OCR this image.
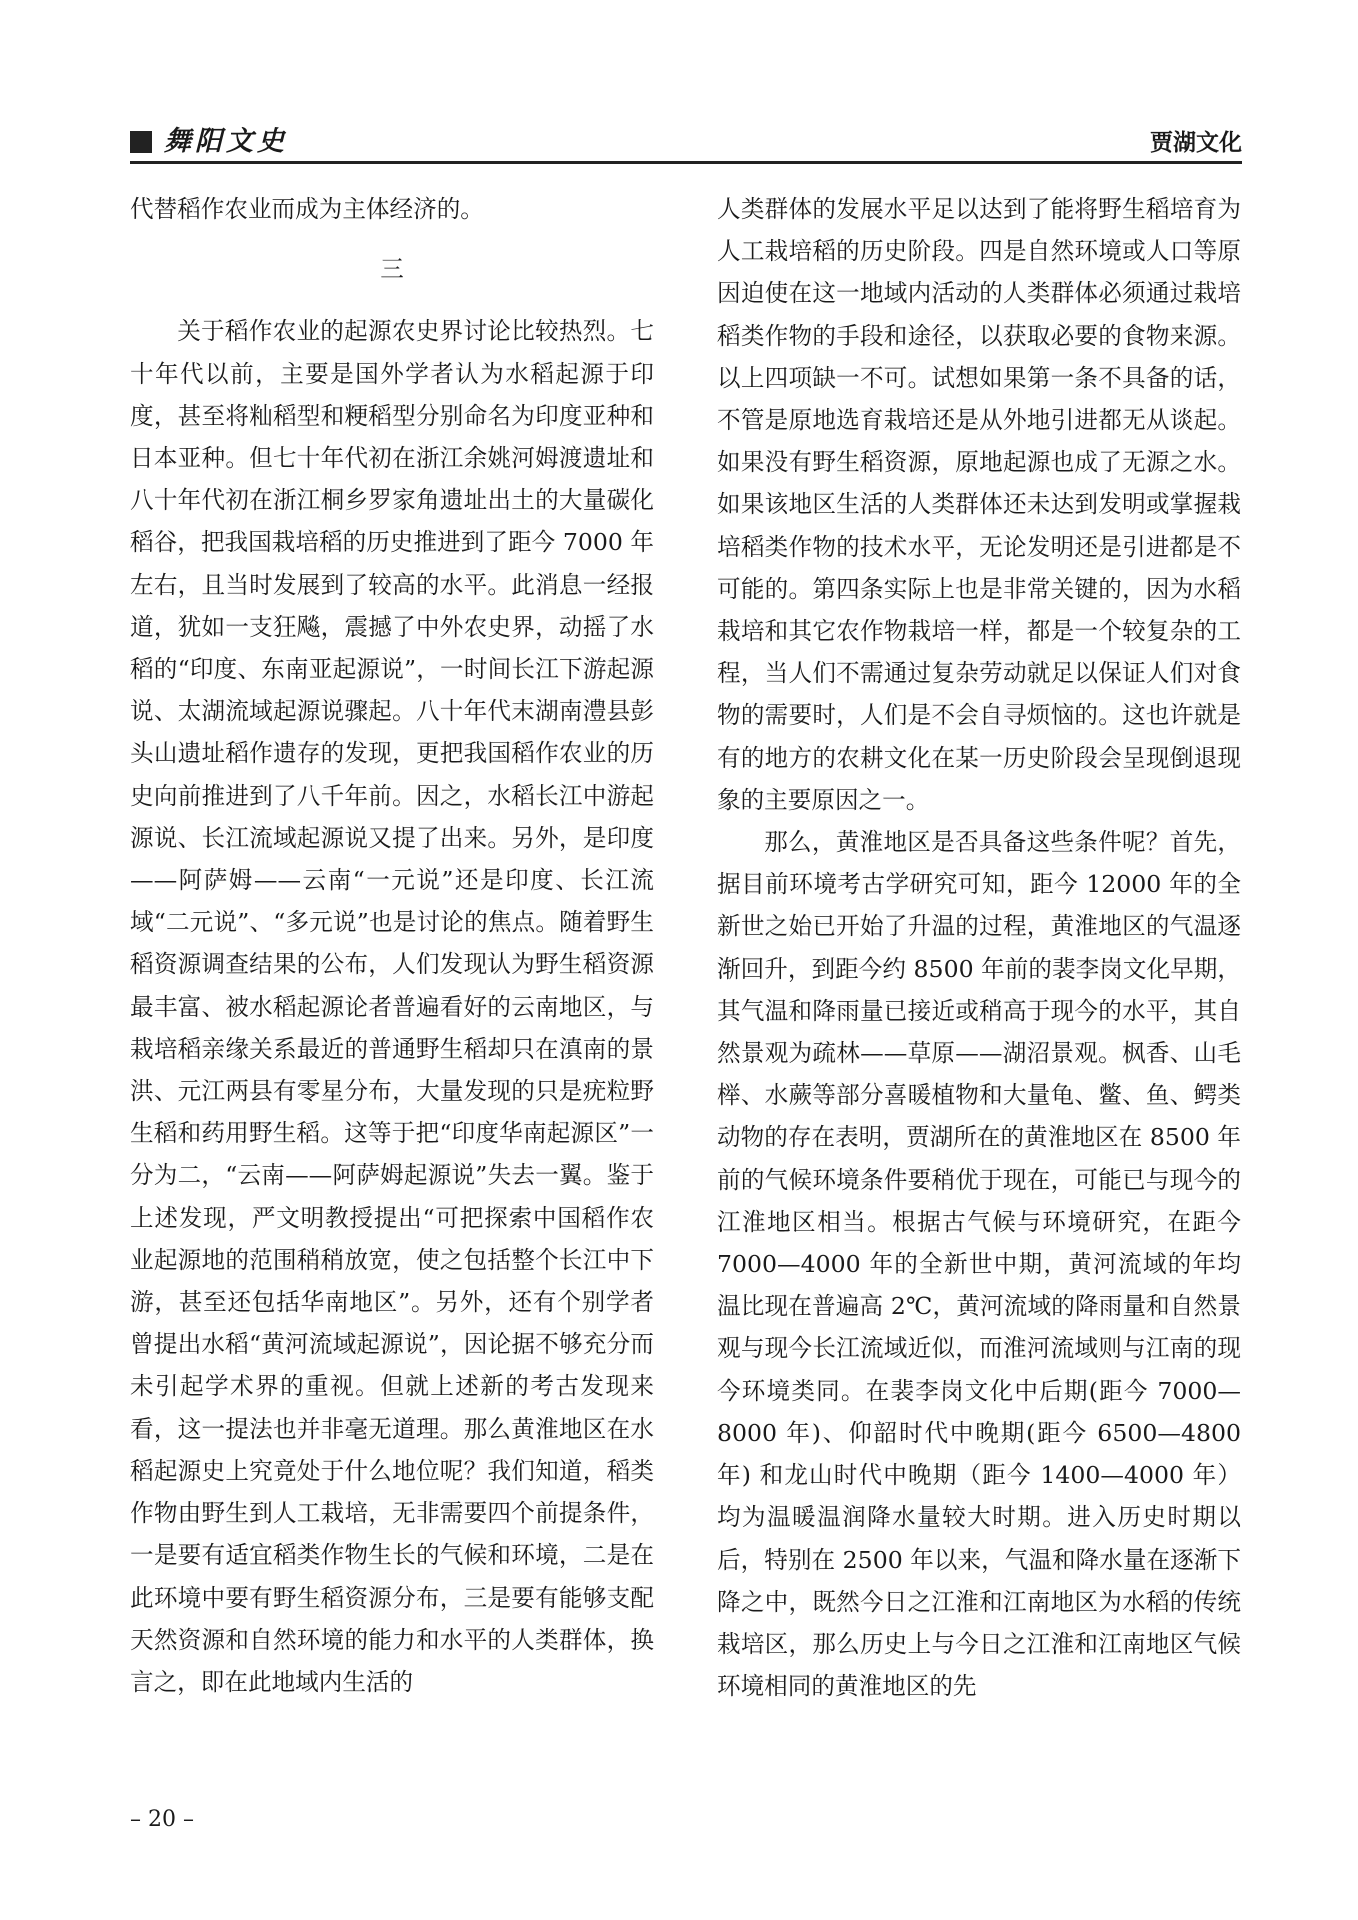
舞阳文史	贾湖文化

代替稻作农业而成为主体经济的。

三

关于稻作农业的起源农史界讨论比较热烈。七十年代以前，主要是国外学者认为水稻起源于印度，甚至将籼稻型和粳稻型分别命名为印度亚种和日本亚种。但七十年代初在浙江余姚河姆渡遗址和八十年代初在浙江桐乡罗家角遗址出土的大量碳化稻谷，把我国栽培稻的历史推进到了距今 7000 年左右，且当时发展到了较高的水平。此消息一经报道，犹如一支狂飚，震撼了中外农史界，动摇了水稻的“印度、东南亚起源说”，一时间长江下游起源说、太湖流域起源说骤起。八十年代末湖南澧县彭头山遗址稻作遗存的发现，更把我国稻作农业的历史向前推进到了八千年前。因之，水稻长江中游起源说、长江流域起源说又提了出来。另外，是印度——阿萨姆——云南“一元说”还是印度、长江流域“二元说”、“多元说”也是讨论的焦点。随着野生稻资源调查结果的公布，人们发现认为野生稻资源最丰富、被水稻起源论者普遍看好的云南地区，与栽培稻亲缘关系最近的普通野生稻却只在滇南的景洪、元江两县有零星分布，大量发现的只是疣粒野生稻和药用野生稻。这等于把“印度华南起源区”一分为二，“云南——阿萨姆起源说”失去一翼。鉴于上述发现，严文明教授提出“可把探索中国稻作农业起源地的范围稍稍放宽，使之包括整个长江中下游，甚至还包括华南地区”。另外，还有个别学者曾提出水稻“黄河流域起源说”，因论据不够充分而未引起学术界的重视。但就上述新的考古发现来看，这一提法也并非毫无道理。那么黄淮地区在水稻起源史上究竟处于什么地位呢？我们知道，稻类作物由野生到人工栽培，无非需要四个前提条件，一是要有适宜稻类作物生长的气候和环境，二是在此环境中要有野生稻资源分布，三是要有能够支配天然资源和自然环境的能力和水平的人类群体，换言之，即在此地域内生活的

人类群体的发展水平足以达到了能将野生稻培育为人工栽培稻的历史阶段。四是自然环境或人口等原因迫使在这一地域内活动的人类群体必须通过栽培稻类作物的手段和途径，以获取必要的食物来源。以上四项缺一不可。试想如果第一条不具备的话，不管是原地选育栽培还是从外地引进都无从谈起。如果没有野生稻资源，原地起源也成了无源之水。如果该地区生活的人类群体还未达到发明或掌握栽培稻类作物的技术水平，无论发明还是引进都是不可能的。第四条实际上也是非常关键的，因为水稻栽培和其它农作物栽培一样，都是一个较复杂的工程，当人们不需通过复杂劳动就足以保证人们对食物的需要时，人们是不会自寻烦恼的。这也许就是有的地方的农耕文化在某一历史阶段会呈现倒退现象的主要原因之一。

那么，黄淮地区是否具备这些条件呢？首先，据目前环境考古学研究可知，距今 12000 年的全新世之始已开始了升温的过程，黄淮地区的气温逐渐回升，到距今约 8500 年前的裴李岗文化早期，其气温和降雨量已接近或稍高于现今的水平，其自然景观为疏林——草原——湖沼景观。枫香、山毛榉、水蕨等部分喜暖植物和大量龟、鳖、鱼、鳄类动物的存在表明，贾湖所在的黄淮地区在 8500 年前的气候环境条件要稍优于现在，可能已与现今的江淮地区相当。根据古气候与环境研究，在距今 7000—4000 年的全新世中期，黄河流域的年均温比现在普遍高 2℃，黄河流域的降雨量和自然景观与现今长江流域近似，而淮河流域则与江南的现今环境类同。在裴李岗文化中后期(距今 7000—8000 年)、仰韶时代中晚期(距今 6500—4800 年) 和龙山时代中晚期（距今 1400—4000 年）均为温暖温润降水量较大时期。进入历史时期以后，特别在 2500 年以来，气温和降水量在逐渐下降之中，既然今日之江淮和江南地区为水稻的传统栽培区，那么历史上与今日之江淮和江南地区气候环境相同的黄淮地区的先

– 20 –
